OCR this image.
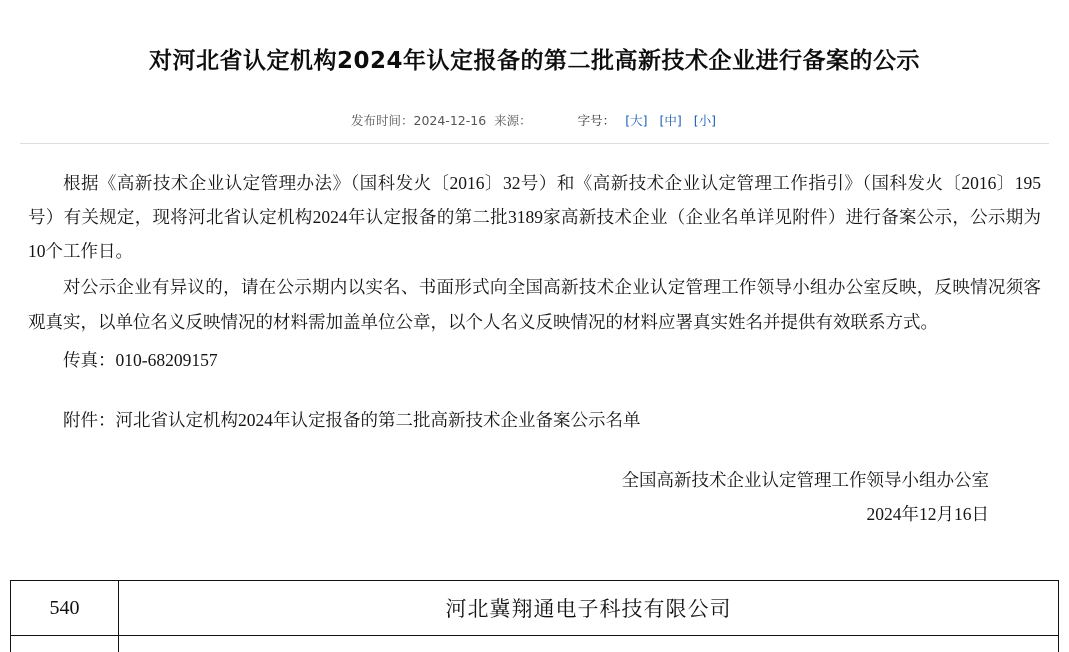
对河北省认定机构2024年认定报备的第二批高新技术企业进行备案的公示
发布时间：2024-12-16 来源：	字号： [大] [中] [小]

根据《高新技术企业认定管理办法》（国科发火〔2016〕32号）和《高新技术企业认定管理工作指引》（国科发火〔2016〕195号）有关规定，现将河北省认定机构2024年认定报备的第二批3189家高新技术企业（企业名单详见附件）进行备案公示，公示期为10个工作日。

对公示企业有异议的，请在公示期内以实名、书面形式向全国高新技术企业认定管理工作领导小组办公室反映，反映情况须客观真实，以单位名义反映情况的材料需加盖单位公章，以个人名义反映情况的材料应署真实姓名并提供有效联系方式。

传真：010-68209157

附件：河北省认定机构2024年认定报备的第二批高新技术企业备案公示名单

全国高新技术企业认定管理工作领导小组办公室
2024年12月16日
540	河北冀翔通电子科技有限公司
